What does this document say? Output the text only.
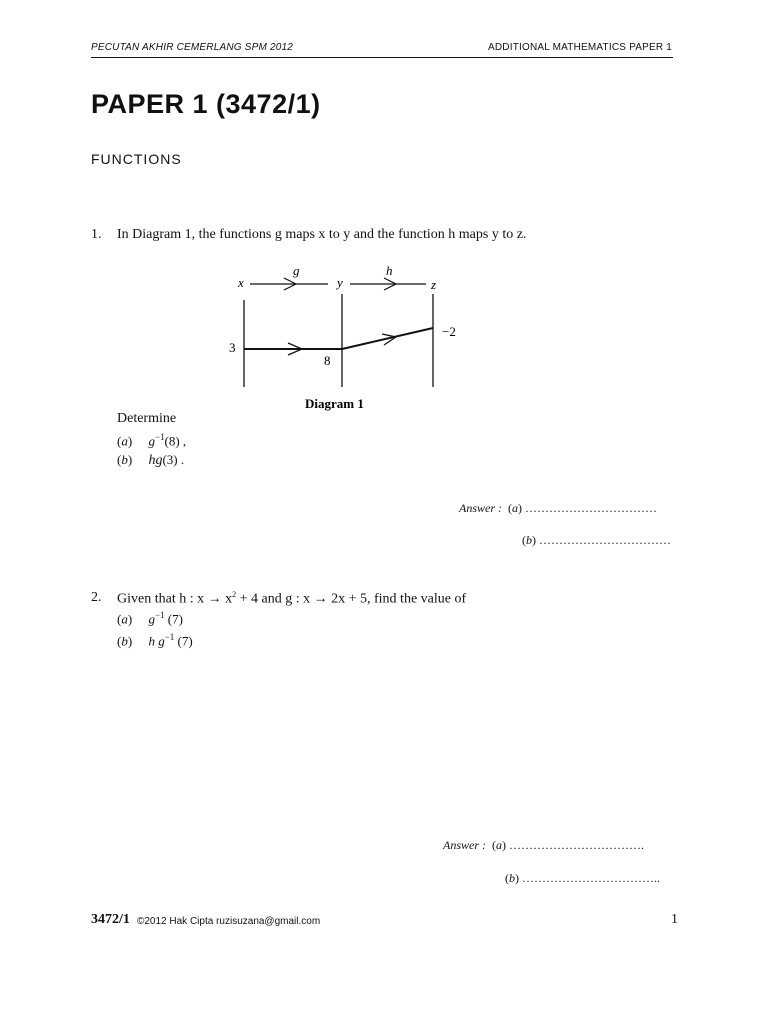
PECUTAN AKHIR CEMERLANG SPM 2012	ADDITIONAL MATHEMATICS PAPER 1
PAPER 1 (3472/1)
FUNCTIONS
1. In Diagram 1, the functions g maps x to y and the function h maps y to z.
g	h
x	y	z
3
8
−2
Diagram 1
Determine
(a) $g^{-1}(8)$ ,
(b) hg(3) .
Answer : (a) ……………………………
(b) ……………………………
2. Given that h : $x \to x^2 + 4$ and g : x → 2x + 5, find the value of
(a) $g^{-1}$ (7)
(b) h $g^{-1}$ (7)
Answer : (a) …………………………….
(b) ……………………………..
3472/1 ©2012 Hak Cipta ruzisuzana@gmail.com	1
